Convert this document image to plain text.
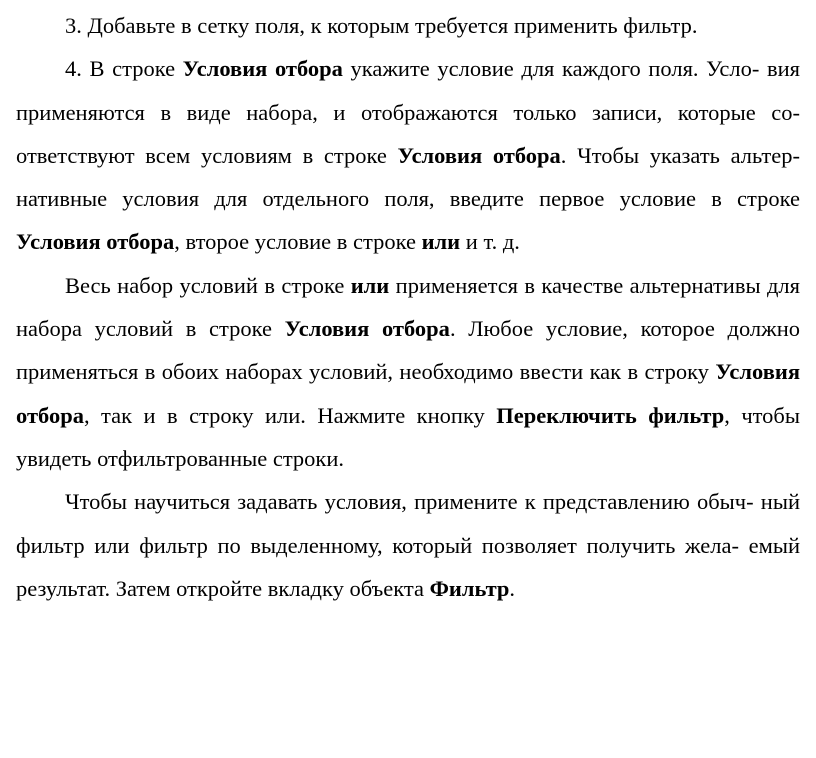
3. Добавьте в сетку поля, к которым требуется применить фильтр.

4. В строке Условия отбора укажите условие для каждого поля. Усло- вия применяются в виде набора, и отображаются только записи, которые со- ответствуют всем условиям в строке Условия отбора. Чтобы указать альтер- нативные условия для отдельного поля, введите первое условие в строке Условия отбора, второе условие в строке или и т. д.

Весь набор условий в строке или применяется в качестве альтернативы для набора условий в строке Условия отбора. Любое условие, которое должно применяться в обоих наборах условий, необходимо ввести как в строку Условия отбора, так и в строку или. Нажмите кнопку Переключить фильтр, чтобы увидеть отфильтрованные строки.

Чтобы научиться задавать условия, примените к представлению обыч- ный фильтр или фильтр по выделенному, который позволяет получить жела- емый результат. Затем откройте вкладку объекта Фильтр.
